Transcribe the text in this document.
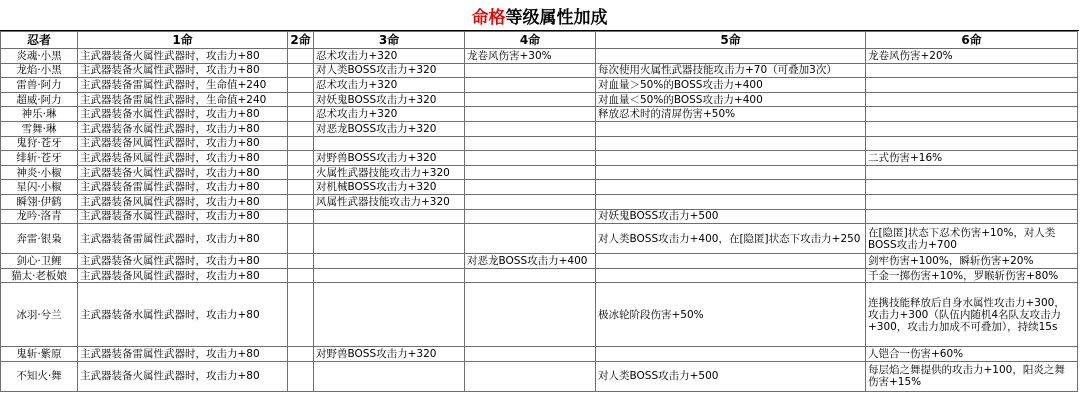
命格 等级属性加成
忍者	1命	2命	3命	4命	5命	6命
炎魂·小黑	主武器装备火属性武器时，攻击力+80		忍术攻击力+320	龙卷风伤害+30%		龙卷风伤害+20%
龙焰·小黑	主武器装备火属性武器时，攻击力+80		对人类BOSS攻击力+320		每次使用火属性武器技能攻击力+70（可叠加3次）	
雷兽·阿力	主武器装备雷属性武器时，生命值+240		忍术攻击力+320		对血量＞50%的BOSS攻击力+400	
超威·阿力	主武器装备雷属性武器时，生命值+240		对妖鬼BOSS攻击力+320		对血量＜50%的BOSS攻击力+400	
神乐·琳	主武器装备水属性武器时，攻击力+80		忍术攻击力+320		释放忍术时的清屏伤害+50%	
雪舞·琳	主武器装备水属性武器时，攻击力+80		对恶龙BOSS攻击力+320			
鬼狩·苍牙	主武器装备风属性武器时，攻击力+80					
绯斩·苍牙	主武器装备风属性武器时，攻击力+80		对野兽BOSS攻击力+320			二式伤害+16%
神炎·小椒	主武器装备火属性武器时，攻击力+80		火属性武器技能攻击力+320			
星闪·小椒	主武器装备雷属性武器时，攻击力+80		对机械BOSS攻击力+320			
瞬翎·伊鹤	主武器装备风属性武器时，攻击力+80		风属性武器技能攻击力+320			
龙吟·洛青	主武器装备水属性武器时，攻击力+80				对妖鬼BOSS攻击力+500	
奔雷·银枭	主武器装备雷属性武器时，攻击力+80				对人类BOSS攻击力+400，在[隐匿]状态下攻击力+250	在[隐匿]状态下忍术伤害+10%，对人类BOSS攻击力+700
剑心·卫鲤	主武器装备火属性武器时，攻击力+80			对恶龙BOSS攻击力+400		剑牢伤害+100%，瞬斩伤害+20%
猫太·老板娘	主武器装备风属性武器时，攻击力+80					千金一掷伤害+10%，罗睺斩伤害+80%
冰羽·兮兰	主武器装备水属性武器时，攻击力+80				极冰轮阶段伤害+50%	连携技能释放后自身水属性攻击力+300，攻击力+300（队伍内随机4名队友攻击力+300，攻击力加成不可叠加），持续15s
鬼斩·紫原	主武器装备雷属性武器时，攻击力+80		对野兽BOSS攻击力+320			人铠合一伤害+60%
不知火·舞	主武器装备火属性武器时，攻击力+80				对人类BOSS攻击力+500	每层焰之舞提供的攻击力+100，阳炎之舞伤害+15%
